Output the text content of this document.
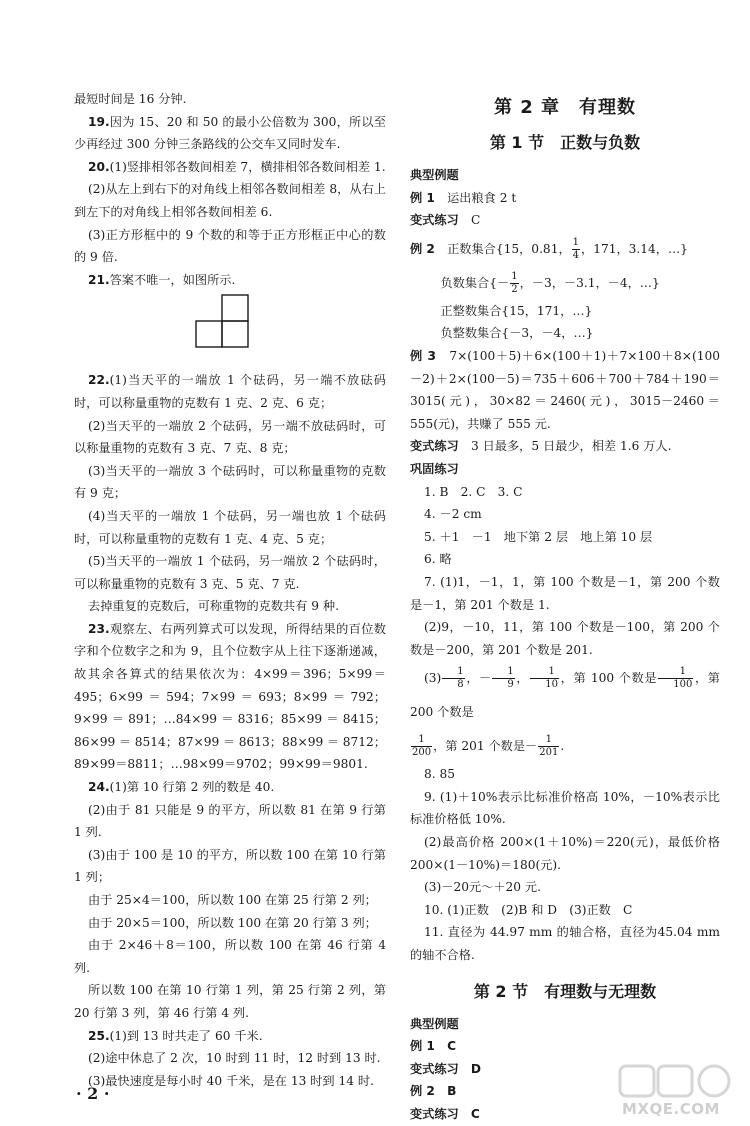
最短时间是 16 分钟.
19.因为 15、20 和 50 的最小公倍数为 300，所以至少再经过 300 分钟三条路线的公交车又同时发车.
20.(1)竖排相邻各数间相差 7，横排相邻各数间相差 1.
(2)从左上到右下的对角线上相邻各数间相差 8，从右上到左下的对角线上相邻各数间相差 6.
(3)正方形框中的 9 个数的和等于正方形框正中心的数的 9 倍.
21.答案不唯一，如图所示.
22.(1)当天平的一端放 1 个砝码，另一端不放砝码时，可以称量重物的克数有 1 克、2 克、6 克；
(2)当天平的一端放 2 个砝码，另一端不放砝码时，可以称量重物的克数有 3 克、7 克、8 克；
(3)当天平的一端放 3 个砝码时，可以称量重物的克数有 9 克；
(4)当天平的一端放 1 个砝码，另一端也放 1 个砝码时，可以称量重物的克数有 1 克、4 克、5 克；
(5)当天平的一端放 1 个砝码，另一端放 2 个砝码时，可以称量重物的克数有 3 克、5 克、7 克.
去掉重复的克数后，可称重物的克数共有 9 种.
23.观察左、右两列算式可以发现，所得结果的百位数字和个位数字之和为 9，且个位数字从上往下逐渐递减，故其余各算式的结果依次为：4×99＝396；5×99＝495；6×99＝594；7×99＝693；8×99＝792；9×99＝891；…84×99＝8316；85×99＝8415；86×99＝8514；87×99＝8613；88×99＝8712；89×99＝8811；…98×99＝9702；99×99＝9801.
24.(1)第 10 行第 2 列的数是 40.
(2)由于 81 只能是 9 的平方，所以数 81 在第 9 行第 1 列.
(3)由于 100 是 10 的平方，所以数 100 在第 10 行第 1 列；
由于 25×4＝100，所以数 100 在第 25 行第 2 列；
由于 20×5＝100，所以数 100 在第 20 行第 3 列；
由于 2×46＋8＝100，所以数 100 在第 46 行第 4 列.
所以数 100 在第 10 行第 1 列，第 25 行第 2 列，第 20 行第 3 列，第 46 行第 4 列.
25.(1)到 13 时共走了 60 千米.
(2)途中休息了 2 次，10 时到 11 时，12 时到 13 时.
(3)最快速度是每小时 40 千米，是在 13 时到 14 时.
第 2 章　有理数
第 1 节　正数与负数
典型例题
例 1　 运出粮食 2 t
变式练习　 C
例 2　 正数集合{15，0.81， $\frac{1}{4}$ ，171，3.14，…}
负数集合{－ $\frac{1}{2}$ ，－3，－3.1，－4，…}
正整数集合{15，171，…}
负整数集合{－3，－4，…}
例 3　 7×(100＋5)＋6×(100＋1)＋7×100＋8×(100－2)＋2×(100－5)＝735＋606＋700＋784＋190＝3015(元)，30×82＝2460(元)，3015－2460＝555(元)，共赚了 555 元.
变式练习　 3 日最多，5 日最少，相差 1.6 万人.
巩固练习
1. B　2. C　3. C
4. －2 cm
5. ＋1　－1　地下第 2 层　地上第 10 层
6. 略
7. (1)1，－1，1，第 100 个数是－1，第 200 个数是－1，第 201 个数是 1.
(2)9，－10，11，第 100 个数是－100，第 200 个数是－200，第 201 个数是 201.
$(3) \frac{1}{8}$ ，－ $\frac{1}{9}$ ， $\frac{1}{10}$ ，第 100 个数是 $\frac{1}{100}$ ，第 200 个数是
$\frac{1}{200}$ ，第 201 个数是－ $\frac{1}{201}$ .
8. 85
9. (1)＋10%表示比标准价格高 10%，－10%表示比标准价格低 10%.
(2)最高价格 200×(1＋10%)＝220(元)，最低价格 200×(1－10%)＝180(元).
(3)－20元～＋20 元.
10. (1)正数　(2)B 和 D　(3)正数　C
11. 直径为 44.97 mm 的轴合格，直径为45.04 mm的轴不合格.
第 2 节　有理数与无理数
典型例题
例 1　C
变式练习　D
例 2　B
变式练习　C
· 2 ·
MXQE.COM
